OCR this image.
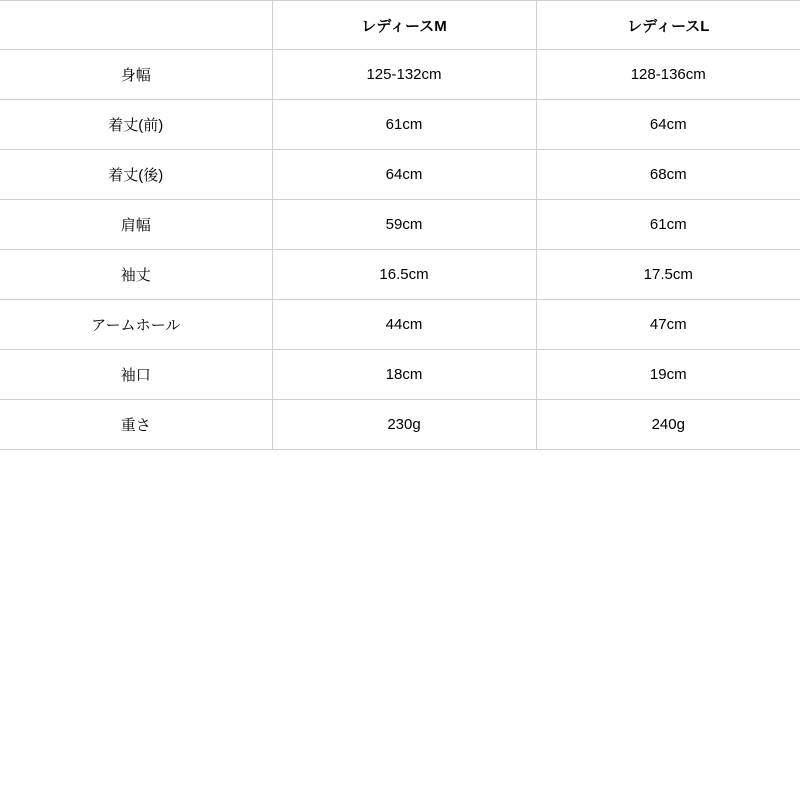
	レディースM	レディースL
身幅	125-132cm	128-136cm
着丈(前)	61cm	64cm
着丈(後)	64cm	68cm
肩幅	59cm	61cm
袖丈	16.5cm	17.5cm
アームホール	44cm	47cm
袖口	18cm	19cm
重さ	230g	240g
